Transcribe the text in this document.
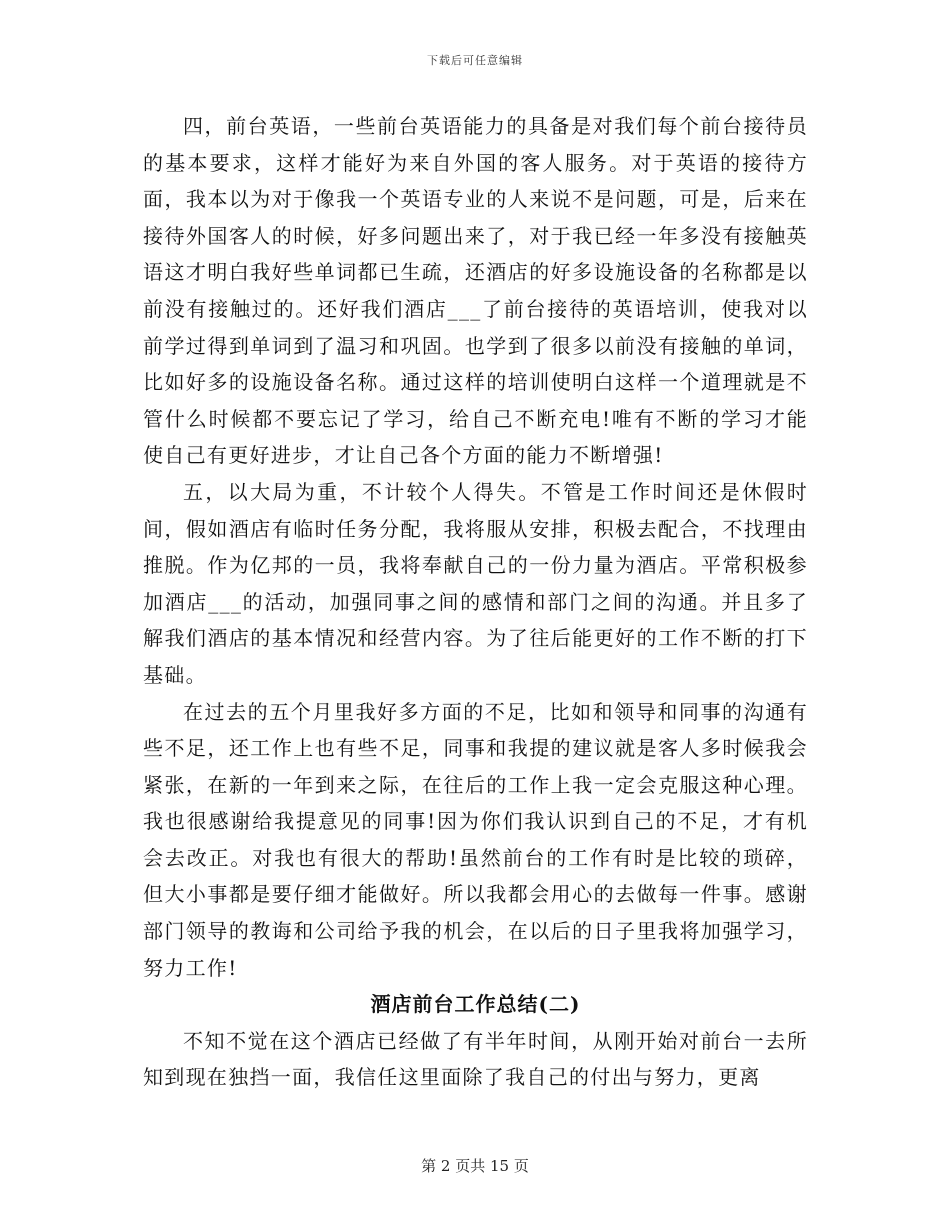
下载后可任意编辑

四，前台英语，一些前台英语能力的具备是对我们每个前台接待员的基本要求，这样才能好为来自外国的客人服务。对于英语的接待方面，我本以为对于像我一个英语专业的人来说不是问题，可是，后来在接待外国客人的时候，好多问题出来了，对于我已经一年多没有接触英语这才明白我好些单词都已生疏，还酒店的好多设施设备的名称都是以前没有接触过的。还好我们酒店___了前台接待的英语培训，使我对以前学过得到单词到了温习和巩固。也学到了很多以前没有接触的单词，比如好多的设施设备名称。通过这样的培训使明白这样一个道理就是不管什么时候都不要忘记了学习，给自己不断充电!唯有不断的学习才能使自己有更好进步，才让自己各个方面的能力不断增强!

五，以大局为重，不计较个人得失。不管是工作时间还是休假时间，假如酒店有临时任务分配，我将服从安排，积极去配合，不找理由推脱。作为亿邦的一员，我将奉献自己的一份力量为酒店。平常积极参加酒店___的活动，加强同事之间的感情和部门之间的沟通。并且多了解我们酒店的基本情况和经营内容。为了往后能更好的工作不断的打下基础。

在过去的五个月里我好多方面的不足，比如和领导和同事的沟通有些不足，还工作上也有些不足，同事和我提的建议就是客人多时候我会紧张，在新的一年到来之际，在往后的工作上我一定会克服这种心理。我也很感谢给我提意见的同事!因为你们我认识到自己的不足，才有机会去改正。对我也有很大的帮助!虽然前台的工作有时是比较的琐碎，但大小事都是要仔细才能做好。所以我都会用心的去做每一件事。感谢部门领导的教诲和公司给予我的机会，在以后的日子里我将加强学习，努力工作!

酒店前台工作总结(二)

不知不觉在这个酒店已经做了有半年时间，从刚开始对前台一去所知到现在独挡一面，我信任这里面除了我自己的付出与努力，更离

第 2 页共 15 页
